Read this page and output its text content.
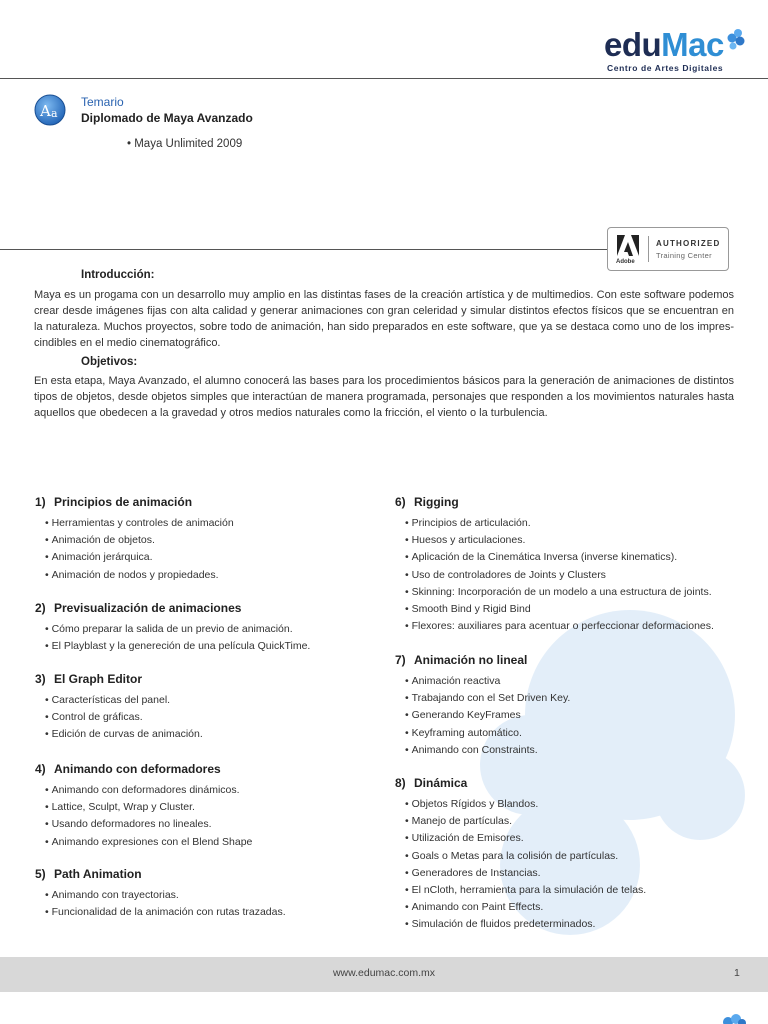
eduMac
Centro de Artes Digitales
A a
Temario
Diplomado de Maya Avanzado
• Maya Unlimited 2009
Adobe
AUTHORIZED
Training Center
Introducción:
Maya es un progama con un desarrollo muy amplio en las distintas fases de la creación artística y de multimedios. Con este software podemos crear desde imágenes fijas con alta calidad y generar animaciones con gran celeridad y simular distintos efectos físicos que se encuentran en la naturaleza. Muchos proyectos, sobre todo de animación, han sido preparados en este software, que ya se destaca como uno de los impres-cindibles en el medio cinematográfico.
Objetivos:
En esta etapa, Maya Avanzado, el alumno conocerá las bases para los procedimientos básicos para la generación de animaciones de distintos tipos de objetos, desde objetos simples que interactúan de manera programada, personajes que responden a los movimientos naturales hasta aquellos que obedecen a la gravedad y otros medios naturales como la fricción, el viento o la turbulencia.
1) Principios de animación
• Herramientas y controles de animación
• Animación de objetos.
• Animación jerárquica.
• Animación de nodos y propiedades.
2) Previsualización de animaciones
• Cómo preparar la salida de un previo de animación.
• El Playblast y la genereción de una película QuickTime.
3) El Graph Editor
• Características del panel.
• Control de gráficas.
• Edición de curvas de animación.
4) Animando con deformadores
• Animando con deformadores dinámicos.
• Lattice, Sculpt, Wrap y Cluster.
• Usando deformadores no lineales.
• Animando expresiones con el Blend Shape
5) Path Animation
• Animando con trayectorias.
• Funcionalidad de la animación con rutas trazadas.
6) Rigging
• Principios de articulación.
• Huesos y articulaciones.
• Aplicación de la Cinemática Inversa (inverse kinematics).
• Uso de controladores de Joints y Clusters
• Skinning: Incorporación de un modelo a una estructura de joints.
• Smooth Bind y Rigid Bind
• Flexores: auxiliares para acentuar o perfeccionar deformaciones.
7) Animación no lineal
• Animación reactiva
• Trabajando con el Set Driven Key.
• Generando KeyFrames
• Keyframing automático.
• Animando con Constraints.
8) Dinámica
• Objetos Rígidos y Blandos.
• Manejo de partículas.
• Utilización de Emisores.
• Goals o Metas para la colisión de partículas.
• Generadores de Instancias.
• El nCloth, herramienta para la simulación de telas.
• Animando con Paint Effects.
• Simulación de fluidos predeterminados.
www.edumac.com.mx	1
